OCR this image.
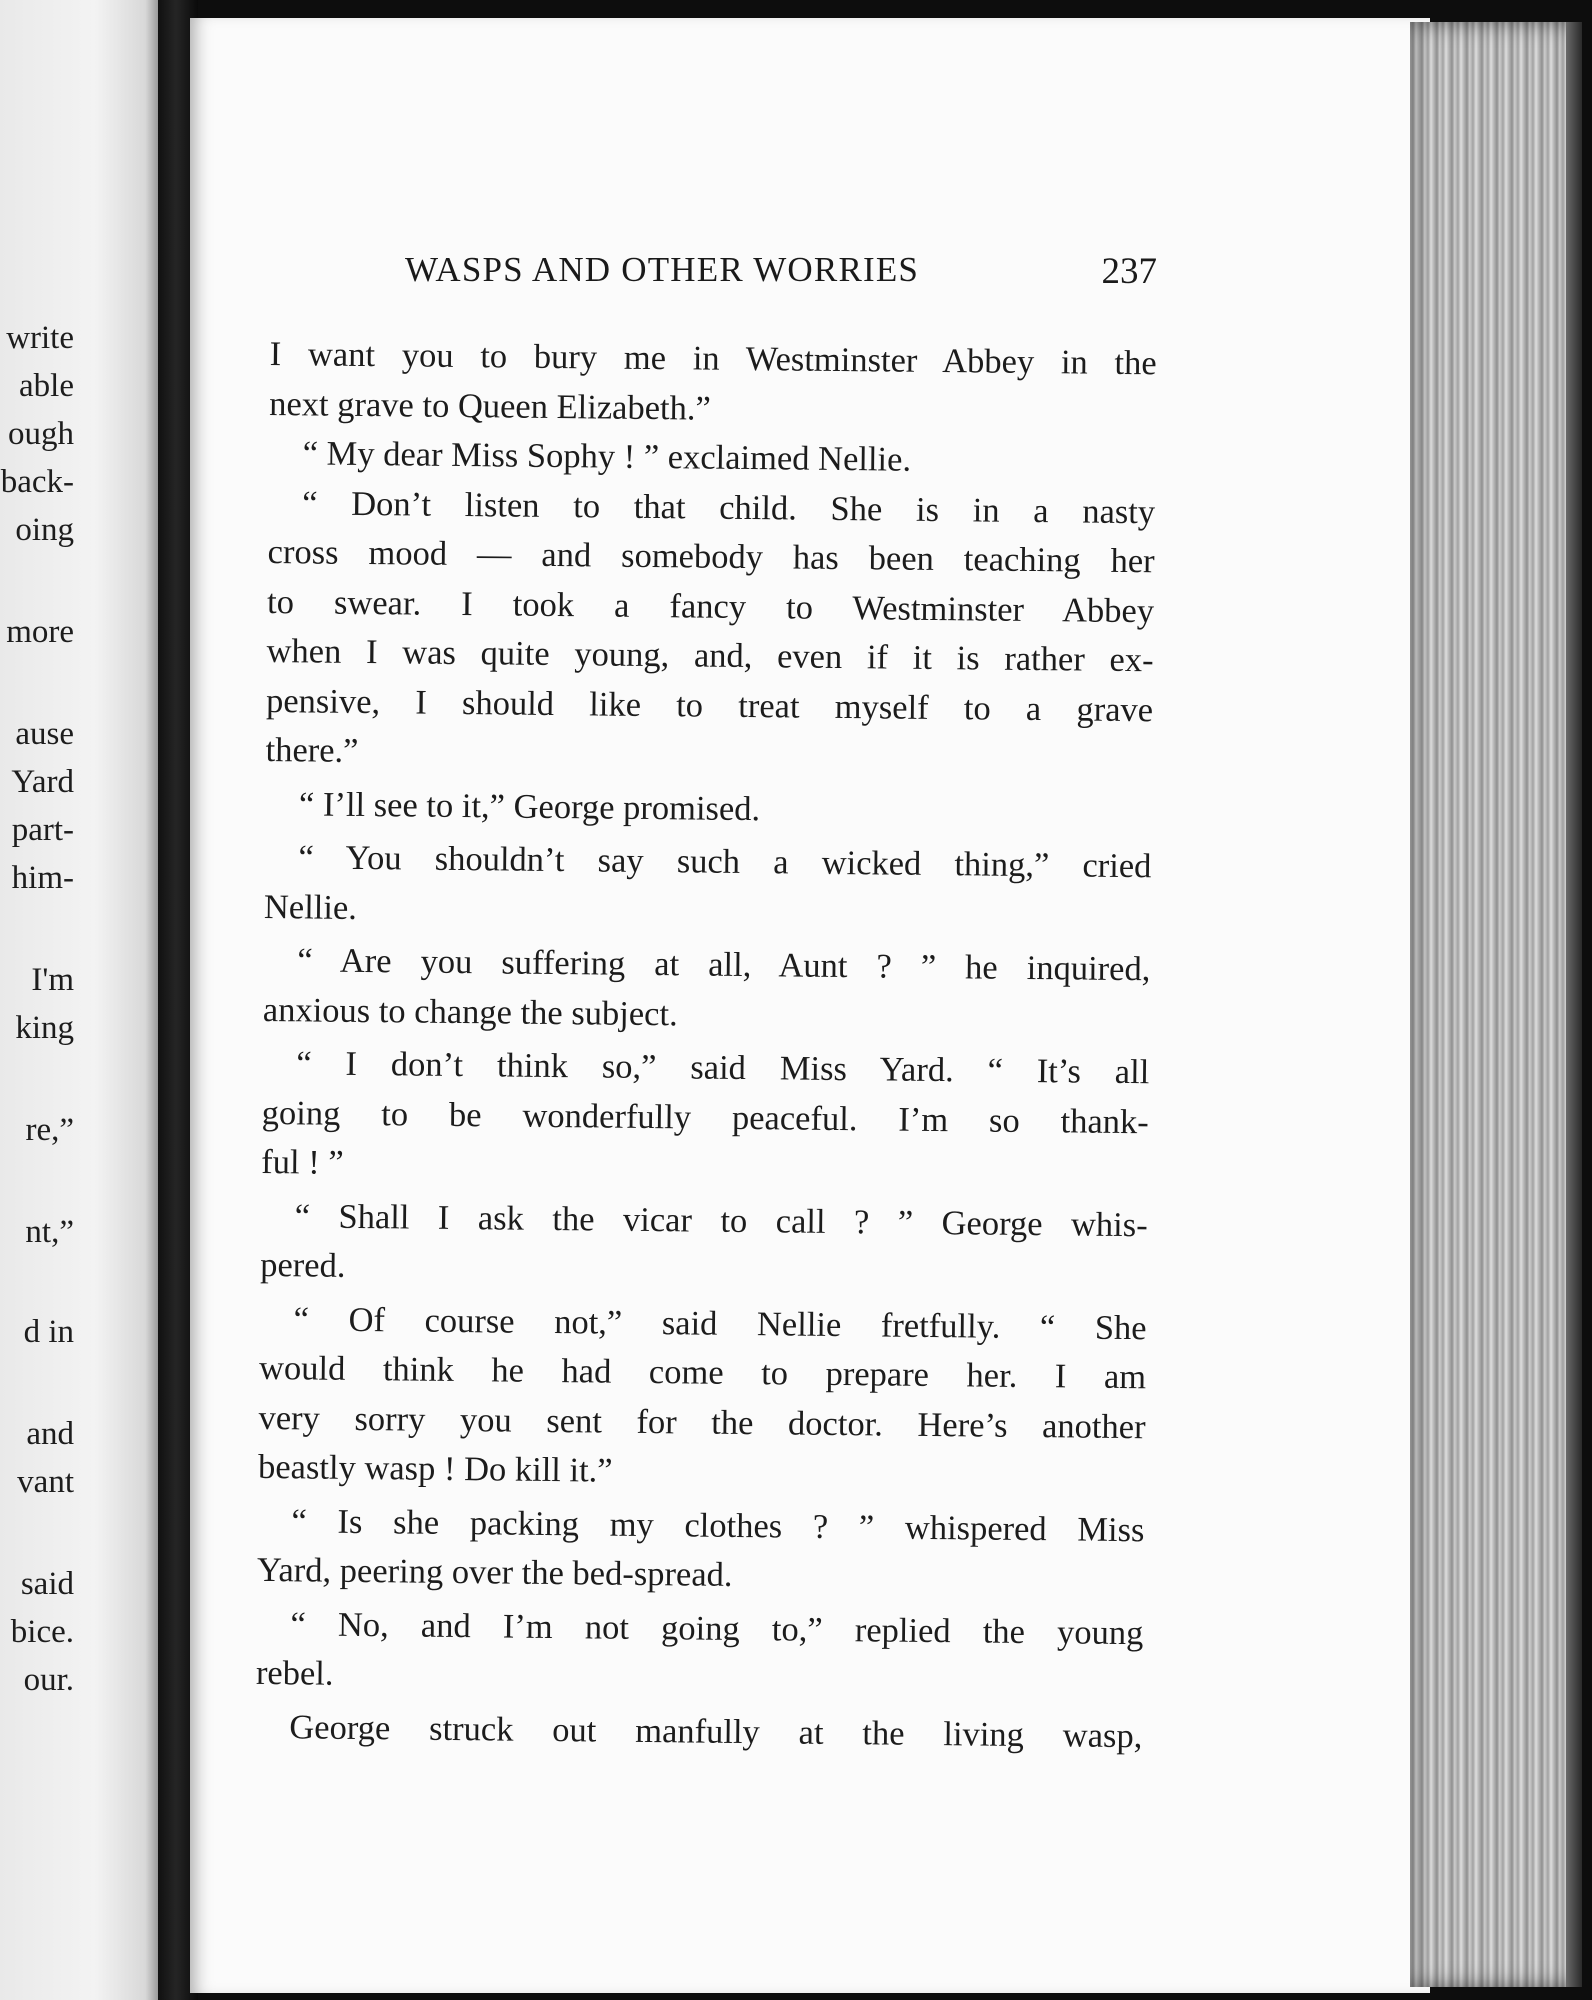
write
able
ough
back-
oing
more
ause
Yard
part-
him-
I'm
king
re,”
nt,”
d in
and
vant
said
bice.
our.
WASPS AND OTHER WORRIES	237
I want you to bury me in Westminster Abbey in the
next grave to Queen Elizabeth.”
“ My dear Miss Sophy ! ” exclaimed Nellie.
“ Don’t listen to that child. She is in a nasty
cross mood — and somebody has been teaching her
to swear. I took a fancy to Westminster Abbey
when I was quite young, and, even if it is rather ex-
pensive, I should like to treat myself to a grave
there.”
“ I’ll see to it,” George promised.
“ You shouldn’t say such a wicked thing,” cried
Nellie.
“ Are you suffering at all, Aunt ? ” he inquired,
anxious to change the subject.
“ I don’t think so,” said Miss Yard. “ It’s all
going to be wonderfully peaceful. I’m so thank-
ful ! ”
“ Shall I ask the vicar to call ? ” George whis-
pered.
“ Of course not,” said Nellie fretfully. “ She
would think he had come to prepare her. I am
very sorry you sent for the doctor. Here’s another
beastly wasp ! Do kill it.”
“ Is she packing my clothes ? ” whispered Miss
Yard, peering over the bed-spread.
“ No, and I’m not going to,” replied the young
rebel.
George struck out manfully at the living wasp,
